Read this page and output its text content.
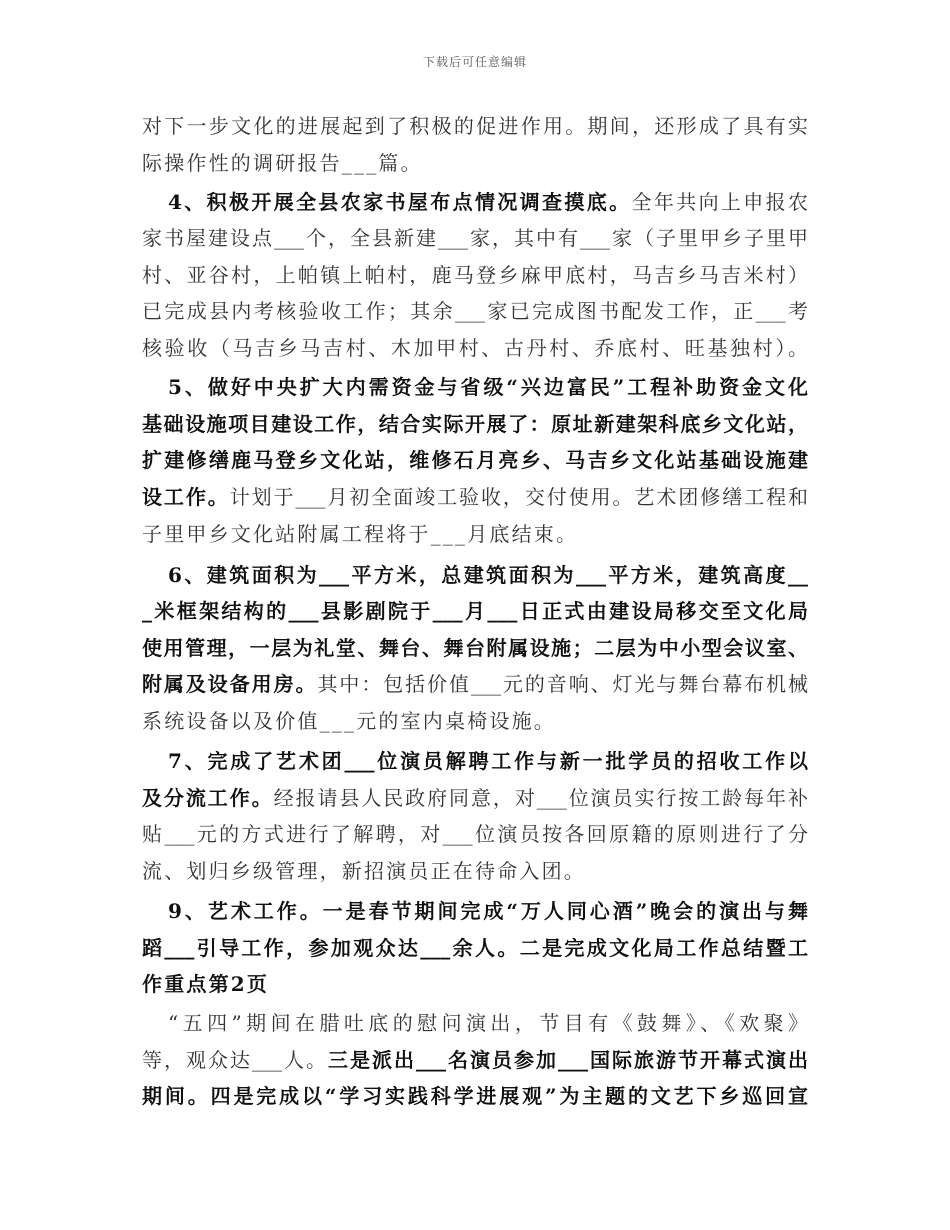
下载后可任意编辑
对下一步文化的进展起到了积极的促进作用。期间，还形成了具有实
际操作性的调研报告___篇。
4、积极开展全县农家书屋布点情况调查摸底。全年共向上申报农
家书屋建设点___个，全县新建___家，其中有___家（子里甲乡子里甲
村、亚谷村，上帕镇上帕村，鹿马登乡麻甲底村，马吉乡马吉米村）
已完成县内考核验收工作；其余___家已完成图书配发工作，正___考
核验收（马吉乡马吉村、木加甲村、古丹村、乔底村、旺基独村）。
5、做好中央扩大内需资金与省级“兴边富民”工程补助资金文化
基础设施项目建设工作，结合实际开展了：原址新建架科底乡文化站，
扩建修缮鹿马登乡文化站，维修石月亮乡、马吉乡文化站基础设施建
设工作。计划于___月初全面竣工验收，交付使用。艺术团修缮工程和
子里甲乡文化站附属工程将于___月底结束。
6、建筑面积为___平方米，总建筑面积为___平方米，建筑高度__
_米框架结构的___县影剧院于___月___日正式由建设局移交至文化局
使用管理，一层为礼堂、舞台、舞台附属设施；二层为中小型会议室、
附属及设备用房。其中：包括价值___元的音响、灯光与舞台幕布机械
系统设备以及价值___元的室内桌椅设施。
7、完成了艺术团___位演员解聘工作与新一批学员的招收工作以
及分流工作。经报请县人民政府同意，对___位演员实行按工龄每年补
贴___元的方式进行了解聘，对___位演员按各回原籍的原则进行了分
流、划归乡级管理，新招演员正在待命入团。
9、艺术工作。一是春节期间完成“万人同心酒”晚会的演出与舞
蹈___引导工作，参加观众达___余人。二是完成文化局工作总结暨工
作重点第2页
“五四”期间在腊吐底的慰问演出，节目有《鼓舞》、《欢聚》
等，观众达___人。三是派出___名演员参加___国际旅游节开幕式演出
期间。四是完成以“学习实践科学进展观”为主题的文艺下乡巡回宣
